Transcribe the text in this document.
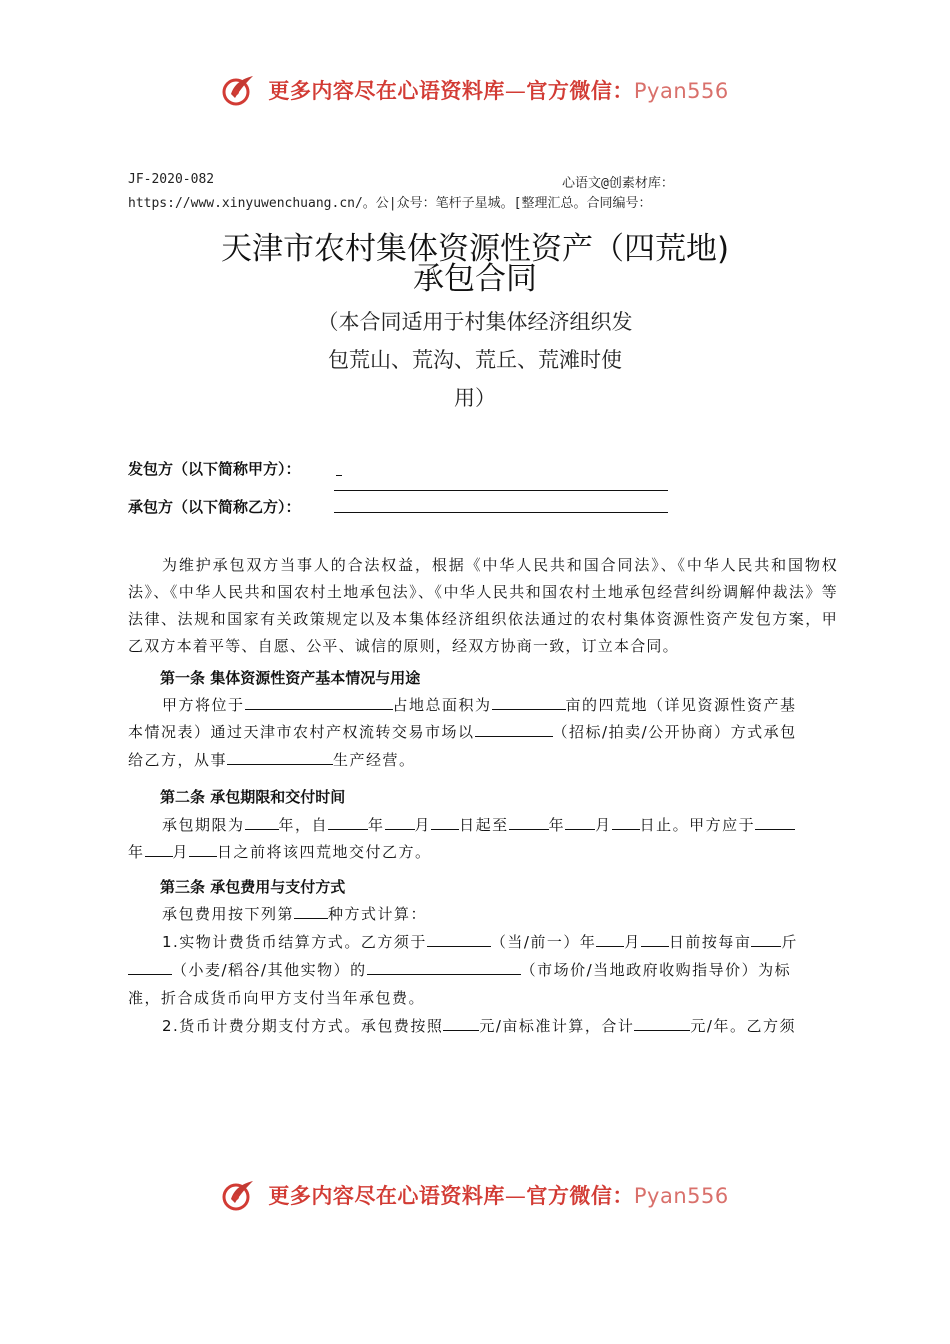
更多内容尽在心语资料库—官方微信：Pyan556
JF-2020-082	心语文@创素材库：
https://www.xinyuwenchuang.cn/。公|众号：笔杆子星城。[整理汇总。合同编号：
天津市农村集体资源性资产（四荒地)
承包合同
（本合同适用于村集体经济组织发
包荒山、荒沟、荒丘、荒滩时使
用）
发包方（以下简称甲方）：
承包方（以下简称乙方）：
为维护承包双方当事人的合法权益，根据《中华人民共和国合同法》、《中华人民共和国物权法》、《中华人民共和国农村土地承包法》、《中华人民共和国农村土地承包经营纠纷调解仲裁法》等法律、法规和国家有关政策规定以及本集体经济组织依法通过的农村集体资源性资产发包方案，甲乙双方本着平等、自愿、公平、诚信的原则，经双方协商一致，订立本合同。
第一条 集体资源性资产基本情况与用途
甲方将位于	占地总面积为	亩的四荒地（详见资源性资产基
本情况表）通过天津市农村产权流转交易市场以	（招标/拍卖/公开协商）方式承包
给乙方，从事	生产经营。
第二条 承包期限和交付时间
承包期限为 年，自	年 月 日起至	年 月 日止。甲方应于
年 月 日之前将该四荒地交付乙方。
第三条 承包费用与支付方式
承包费用按下列第 种方式计算：
1.实物计费货币结算方式。乙方须于	（当/前一）年 月 日前按每亩 斤
（小麦/稻谷/其他实物）的	（市场价/当地政府收购指导价）为标
准，折合成货币向甲方支付当年承包费。
2.货币计费分期支付方式。承包费按照 元/亩标准计算，合计	元/年。乙方须
更多内容尽在心语资料库—官方微信：Pyan556
